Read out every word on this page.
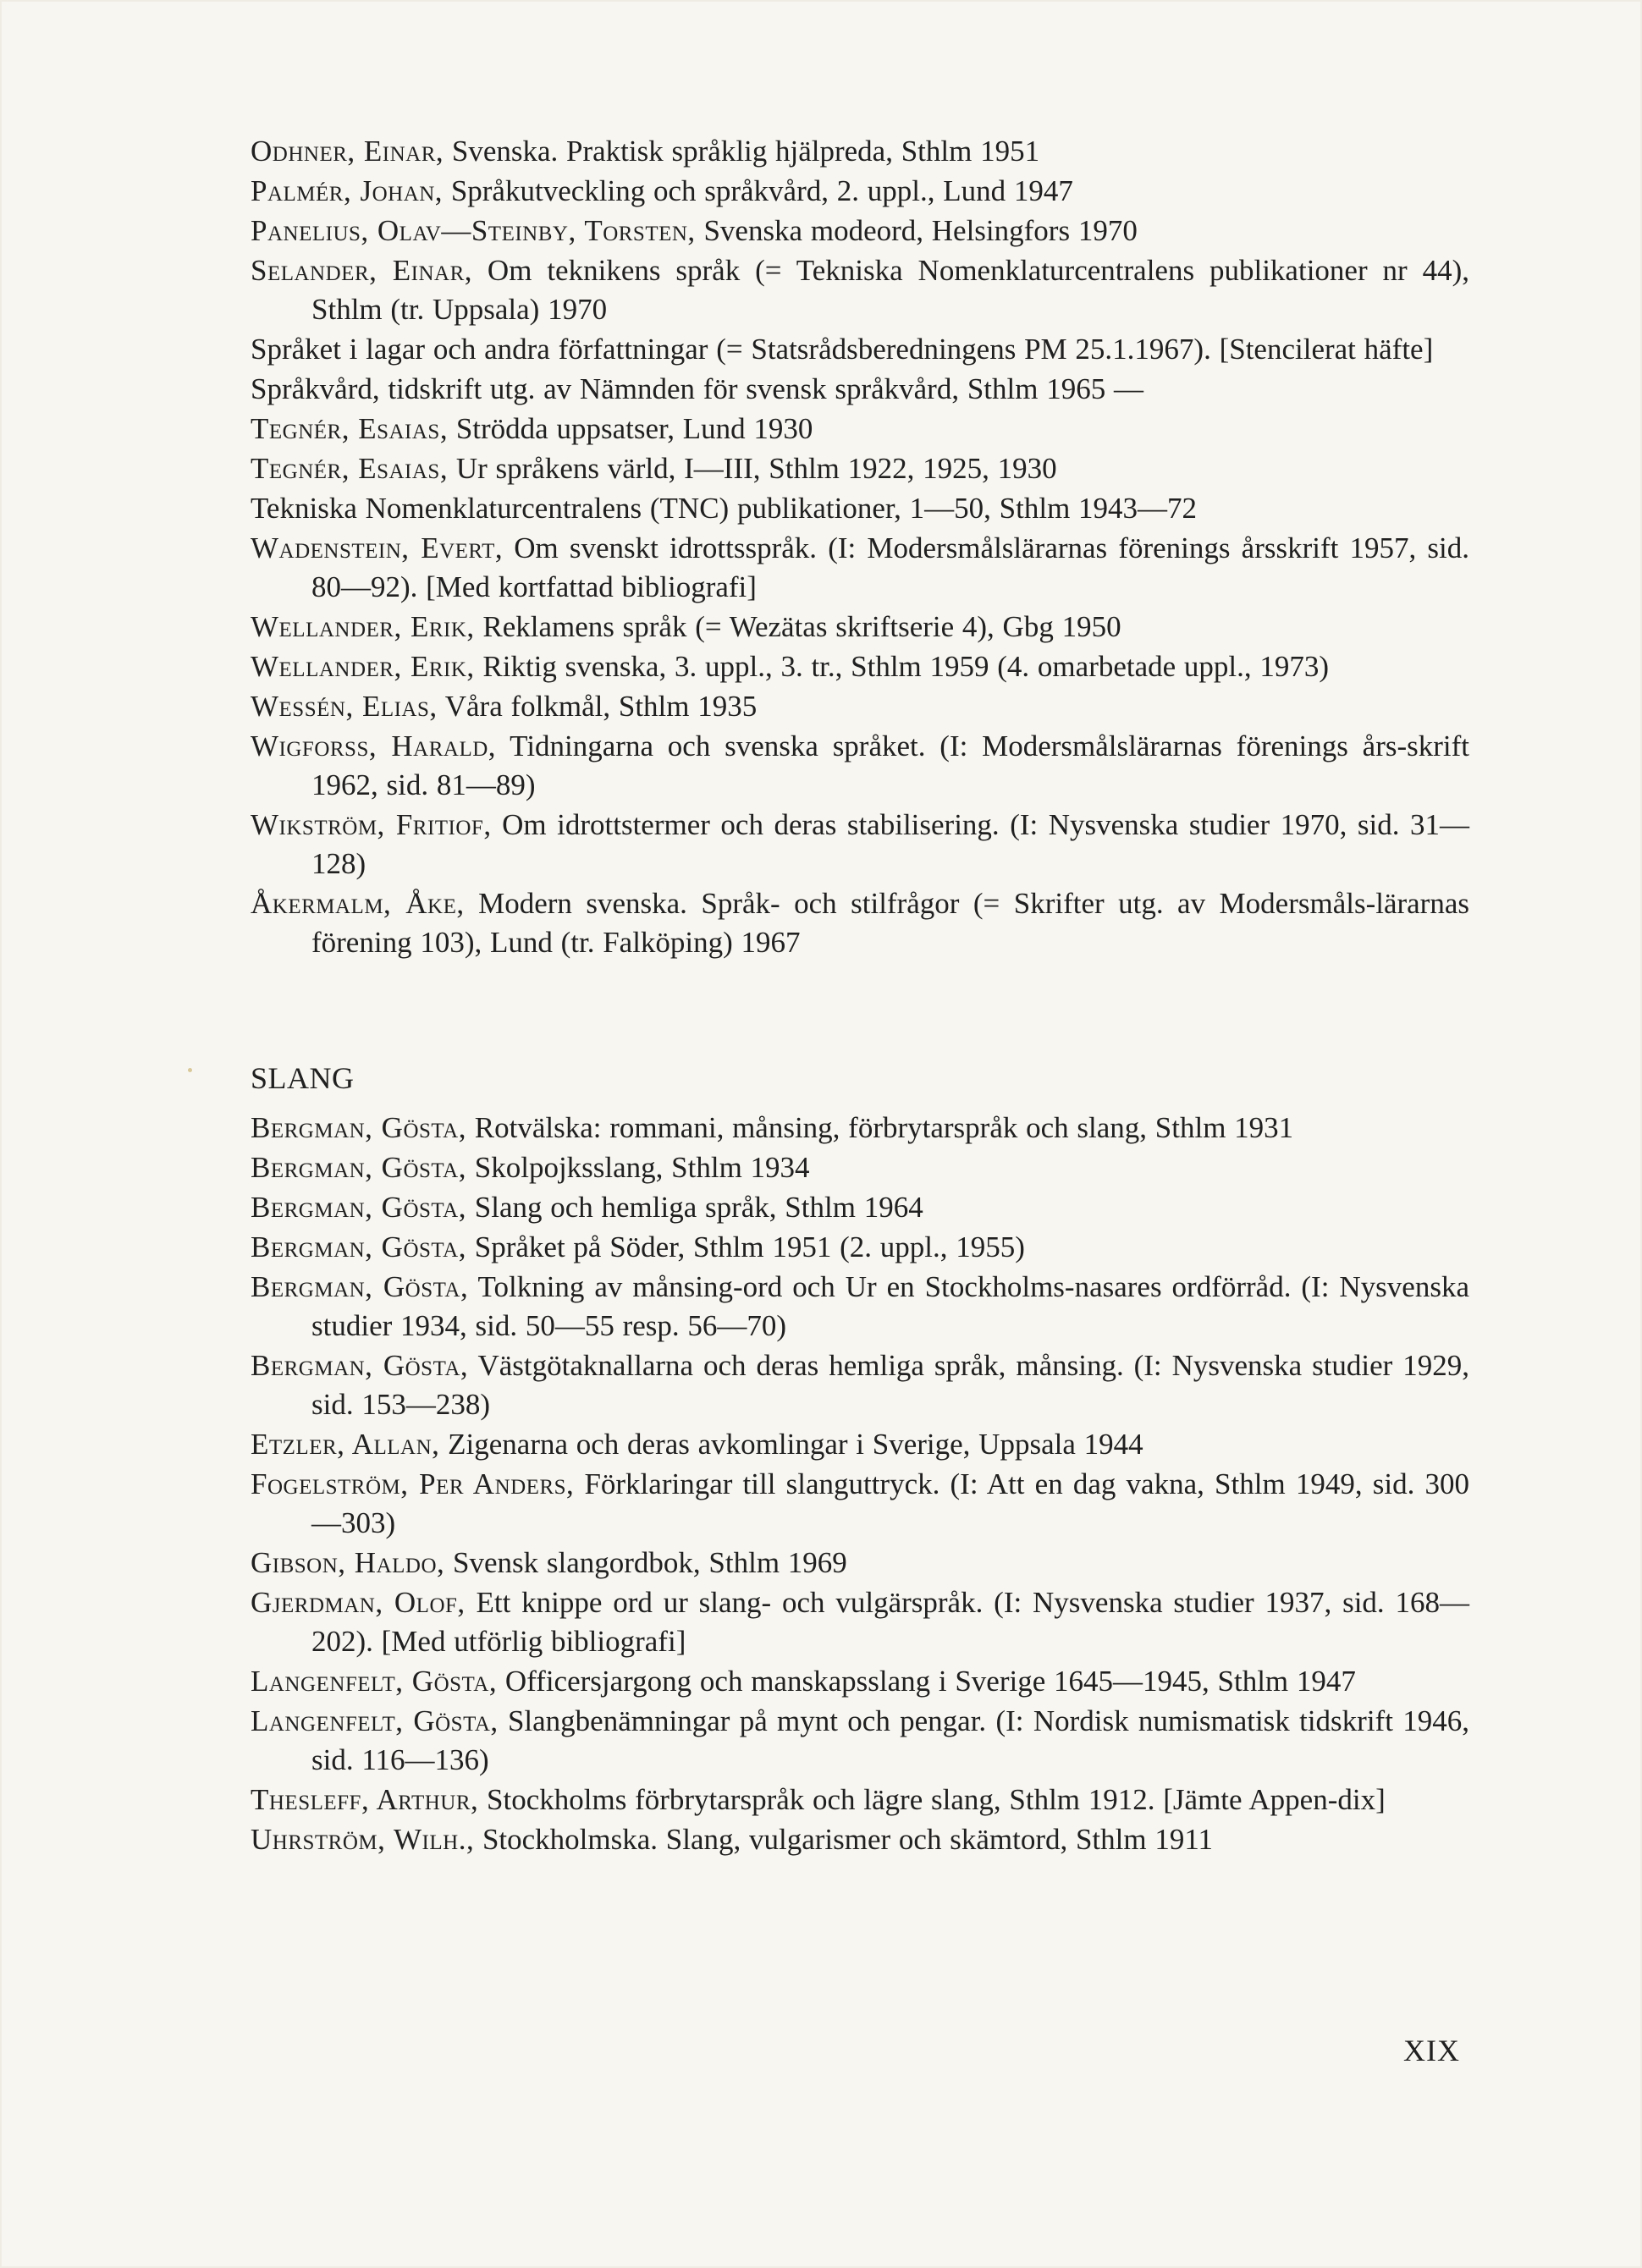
Odhner, Einar, Svenska. Praktisk språklig hjälpreda, Sthlm 1951

Palmér, Johan, Språkutveckling och språkvård, 2. uppl., Lund 1947

Panelius, Olav—Steinby, Torsten, Svenska modeord, Helsingfors 1970

Selander, Einar, Om teknikens språk (= Tekniska Nomenklaturcentralens publikationer nr 44), Sthlm (tr. Uppsala) 1970

Språket i lagar och andra författningar (= Statsrådsberedningens PM 25.1.1967). [Stencilerat häfte]

Språkvård, tidskrift utg. av Nämnden för svensk språkvård, Sthlm 1965 —

Tegnér, Esaias, Strödda uppsatser, Lund 1930

Tegnér, Esaias, Ur språkens värld, I—III, Sthlm 1922, 1925, 1930

Tekniska Nomenklaturcentralens (TNC) publikationer, 1—50, Sthlm 1943—72

Wadenstein, Evert, Om svenskt idrottsspråk. (I: Modersmålslärarnas förenings årsskrift 1957, sid. 80—92). [Med kortfattad bibliografi]

Wellander, Erik, Reklamens språk (= Wezätas skriftserie 4), Gbg 1950

Wellander, Erik, Riktig svenska, 3. uppl., 3. tr., Sthlm 1959 (4. omarbetade uppl., 1973)

Wessén, Elias, Våra folkmål, Sthlm 1935

Wigforss, Harald, Tidningarna och svenska språket. (I: Modersmålslärarnas förenings års-skrift 1962, sid. 81—89)

Wikström, Fritiof, Om idrottstermer och deras stabilisering. (I: Nysvenska studier 1970, sid. 31—128)

Åkermalm, Åke, Modern svenska. Språk- och stilfrågor (= Skrifter utg. av Modersmåls-lärarnas förening 103), Lund (tr. Falköping) 1967

SLANG

Bergman, Gösta, Rotvälska: rommani, månsing, förbrytarspråk och slang, Sthlm 1931

Bergman, Gösta, Skolpojksslang, Sthlm 1934

Bergman, Gösta, Slang och hemliga språk, Sthlm 1964

Bergman, Gösta, Språket på Söder, Sthlm 1951 (2. uppl., 1955)

Bergman, Gösta, Tolkning av månsing-ord och Ur en Stockholms-nasares ordförråd. (I: Nysvenska studier 1934, sid. 50—55 resp. 56—70)

Bergman, Gösta, Västgötaknallarna och deras hemliga språk, månsing. (I: Nysvenska studier 1929, sid. 153—238)

Etzler, Allan, Zigenarna och deras avkomlingar i Sverige, Uppsala 1944

Fogelström, Per Anders, Förklaringar till slanguttryck. (I: Att en dag vakna, Sthlm 1949, sid. 300—303)

Gibson, Haldo, Svensk slangordbok, Sthlm 1969

Gjerdman, Olof, Ett knippe ord ur slang- och vulgärspråk. (I: Nysvenska studier 1937, sid. 168—202). [Med utförlig bibliografi]

Langenfelt, Gösta, Officersjargong och manskapsslang i Sverige 1645—1945, Sthlm 1947

Langenfelt, Gösta, Slangbenämningar på mynt och pengar. (I: Nordisk numismatisk tidskrift 1946, sid. 116—136)

Thesleff, Arthur, Stockholms förbrytarspråk och lägre slang, Sthlm 1912. [Jämte Appen-dix]

Uhrström, Wilh., Stockholmska. Slang, vulgarismer och skämtord, Sthlm 1911

XIX
